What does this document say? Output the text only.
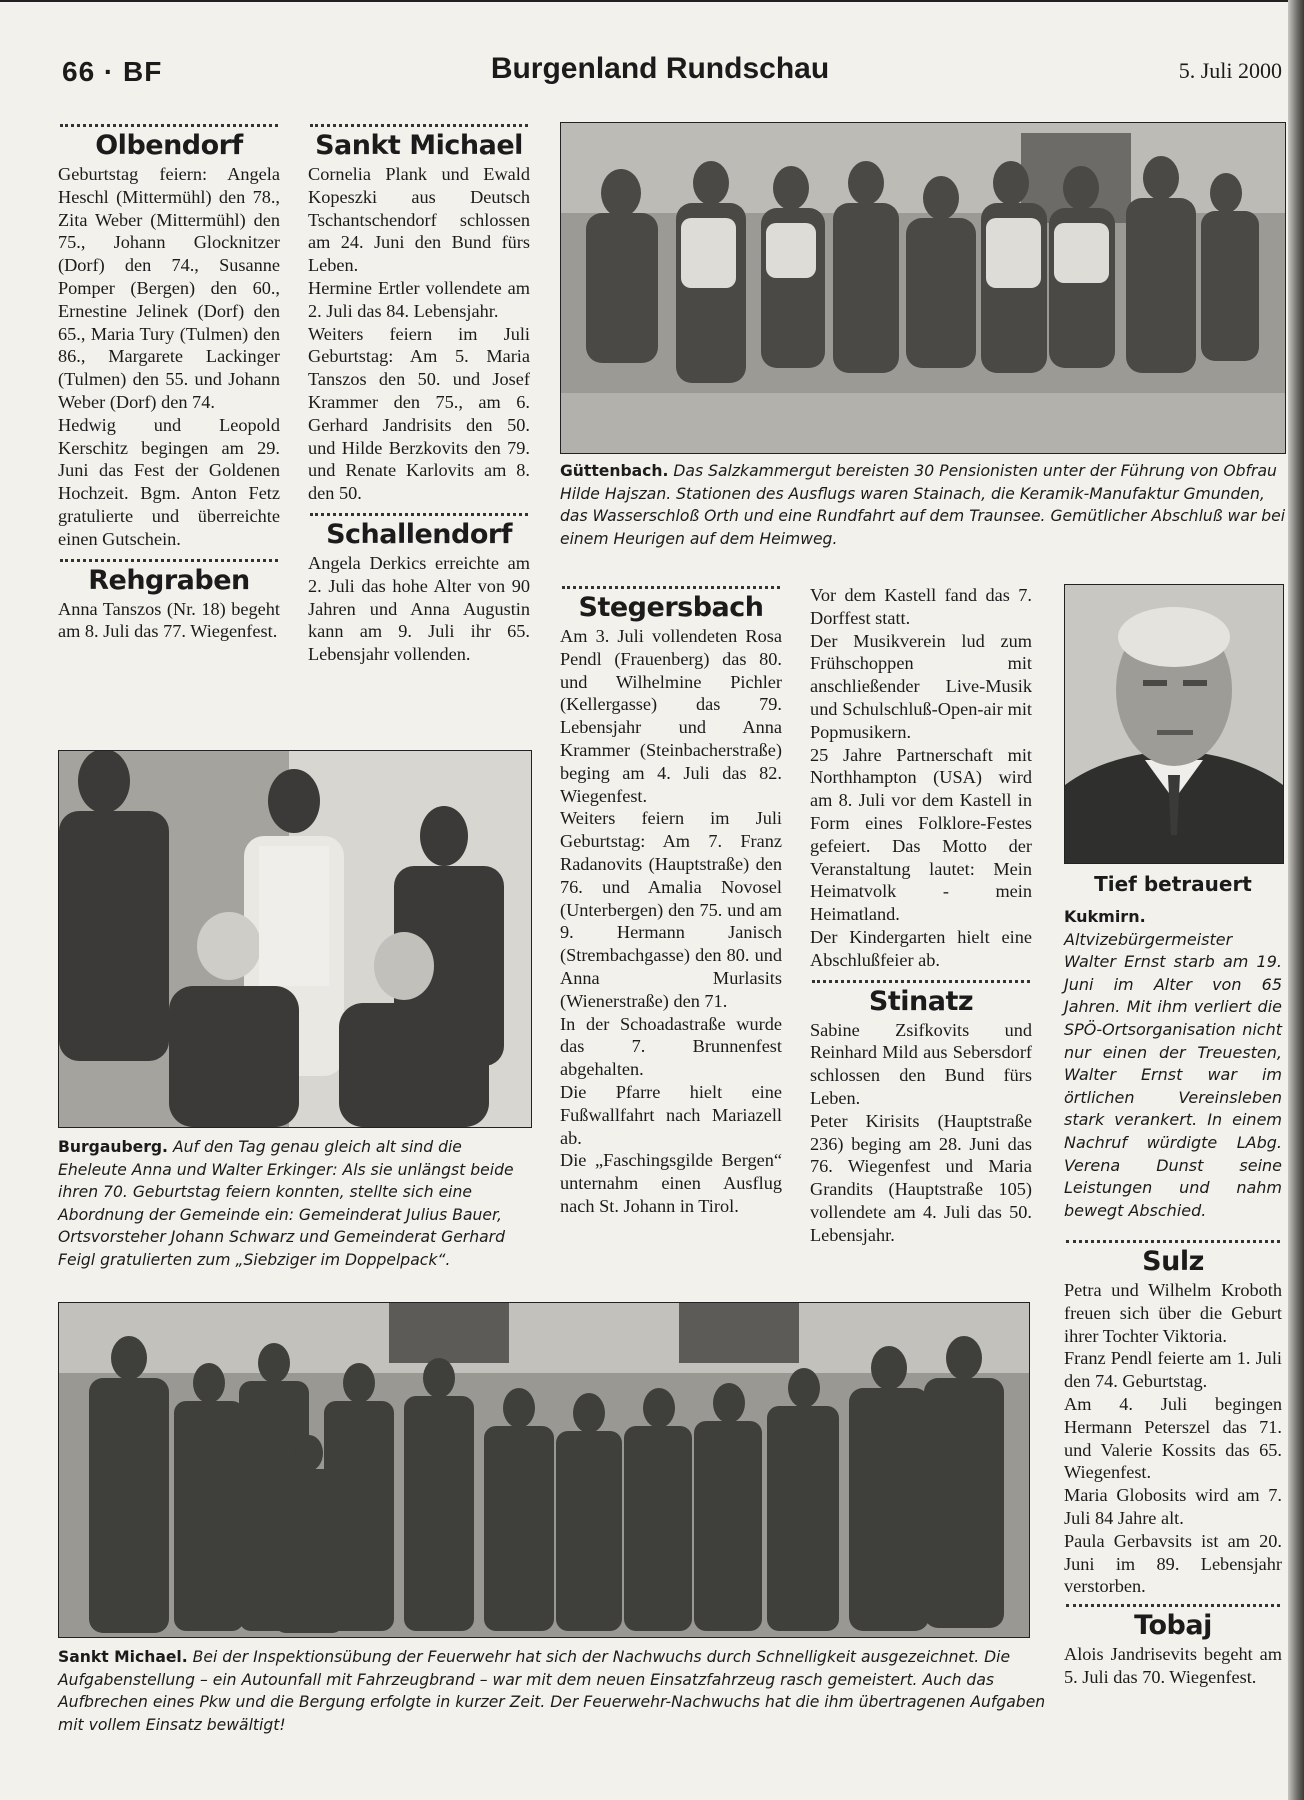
66 · BF	Burgenland Rundschau	5. Juli 2000
Olbendorf

Geburtstag feiern: Angela Heschl (Mittermühl) den 78., Zita Weber (Mittermühl) den 75., Johann Glocknitzer (Dorf) den 74., Susanne Pomper (Bergen) den 60., Ernestine Jelinek (Dorf) den 65., Maria Tury (Tulmen) den 86., Margarete Lackinger (Tulmen) den 55. und Johann Weber (Dorf) den 74.

Hedwig und Leopold Kerschitz begingen am 29. Juni das Fest der Goldenen Hochzeit. Bgm. Anton Fetz gratulierte und überreichte einen Gutschein.

Rehgraben

Anna Tanszos (Nr. 18) begeht am 8. Juli das 77. Wiegenfest.

Sankt Michael

Cornelia Plank und Ewald Kopeszki aus Deutsch Tschantschendorf schlossen am 24. Juni den Bund fürs Leben.

Hermine Ertler vollendete am 2. Juli das 84. Lebensjahr.

Weiters feiern im Juli Geburtstag: Am 5. Maria Tanszos den 50. und Josef Krammer den 75., am 6. Gerhard Jandrisits den 50. und Hilde Berzkovits den 79. und Renate Karlovits am 8. den 50.

Schallendorf

Angela Derkics erreichte am 2. Juli das hohe Alter von 90 Jahren und Anna Augustin kann am 9. Juli ihr 65. Lebensjahr vollenden.

Güttenbach. Das Salzkammergut bereisten 30 Pensionisten unter der Führung von Obfrau Hilde Hajszan. Stationen des Ausflugs waren Stainach, die Keramik-Manufaktur Gmunden, das Wasserschloß Orth und eine Rundfahrt auf dem Traunsee. Gemütlicher Abschluß war bei einem Heurigen auf dem Heimweg.
Stegersbach

Am 3. Juli vollendeten Rosa Pendl (Frauenberg) das 80. und Wilhelmine Pichler (Kellergasse) das 79. Lebensjahr und Anna Krammer (Steinbacherstraße) beging am 4. Juli das 82. Wiegenfest.

Weiters feiern im Juli Geburtstag: Am 7. Franz Radanovits (Hauptstraße) den 76. und Amalia Novosel (Unterbergen) den 75. und am 9. Hermann Janisch (Strembachgasse) den 80. und Anna Murlasits (Wienerstraße) den 71.

In der Schoadastraße wurde das 7. Brunnenfest abgehalten.

Die Pfarre hielt eine Fußwallfahrt nach Mariazell ab.

Die „Faschingsgilde Bergen“ unternahm einen Ausflug nach St. Johann in Tirol.

Vor dem Kastell fand das 7. Dorffest statt.

Der Musikverein lud zum Frühschoppen mit anschließender Live-Musik und Schulschluß-Open-air mit Popmusikern.

25 Jahre Partnerschaft mit Northhampton (USA) wird am 8. Juli vor dem Kastell in Form eines Folklore-Festes gefeiert. Das Motto der Veranstaltung lautet: Mein Heimatvolk - mein Heimatland.

Der Kindergarten hielt eine Abschlußfeier ab.

Stinatz

Sabine Zsifkovits und Reinhard Mild aus Sebersdorf schlossen den Bund fürs Leben.

Peter Kirisits (Hauptstraße 236) beging am 28. Juni das 76. Wiegenfest und Maria Grandits (Hauptstraße 105) vollendete am 4. Juli das 50. Lebensjahr.

Tief betrauert
Kukmirn. Altvizebürgermeister Walter Ernst starb am 19. Juni im Alter von 65 Jahren. Mit ihm verliert die SPÖ-Ortsorganisation nicht nur einen der Treuesten, Walter Ernst war im örtlichen Vereinsleben stark verankert. In einem Nachruf würdigte LAbg. Verena Dunst seine Leistungen und nahm bewegt Abschied.
Burgauberg. Auf den Tag genau gleich alt sind die Eheleute Anna und Walter Erkinger: Als sie unlängst beide ihren 70. Geburtstag feiern konnten, stellte sich eine Abordnung der Gemeinde ein: Gemeinderat Julius Bauer, Ortsvorsteher Johann Schwarz und Gemeinderat Gerhard Feigl gratulierten zum „Siebziger im Doppelpack“.	Sulz

Petra und Wilhelm Kroboth freuen sich über die Geburt ihrer Tochter Viktoria.

Franz Pendl feierte am 1. Juli den 74. Geburtstag.

Am 4. Juli begingen Hermann Peterszel das 71. und Valerie Kossits das 65. Wiegenfest.

Maria Globosits wird am 7. Juli 84 Jahre alt.

Paula Gerbavsits ist am 20. Juni im 89. Lebensjahr verstorben.

Tobaj

Alois Jandrisevits begeht am 5. Juli das 70. Wiegenfest.

Sankt Michael. Bei der Inspektionsübung der Feuerwehr hat sich der Nachwuchs durch Schnelligkeit ausgezeichnet. Die Aufgabenstellung – ein Autounfall mit Fahrzeugbrand – war mit dem neuen Einsatzfahrzeug rasch gemeistert. Auch das Aufbrechen eines Pkw und die Bergung erfolgte in kurzer Zeit. Der Feuerwehr-Nachwuchs hat die ihm übertragenen Aufgaben mit vollem Einsatz bewältigt!
